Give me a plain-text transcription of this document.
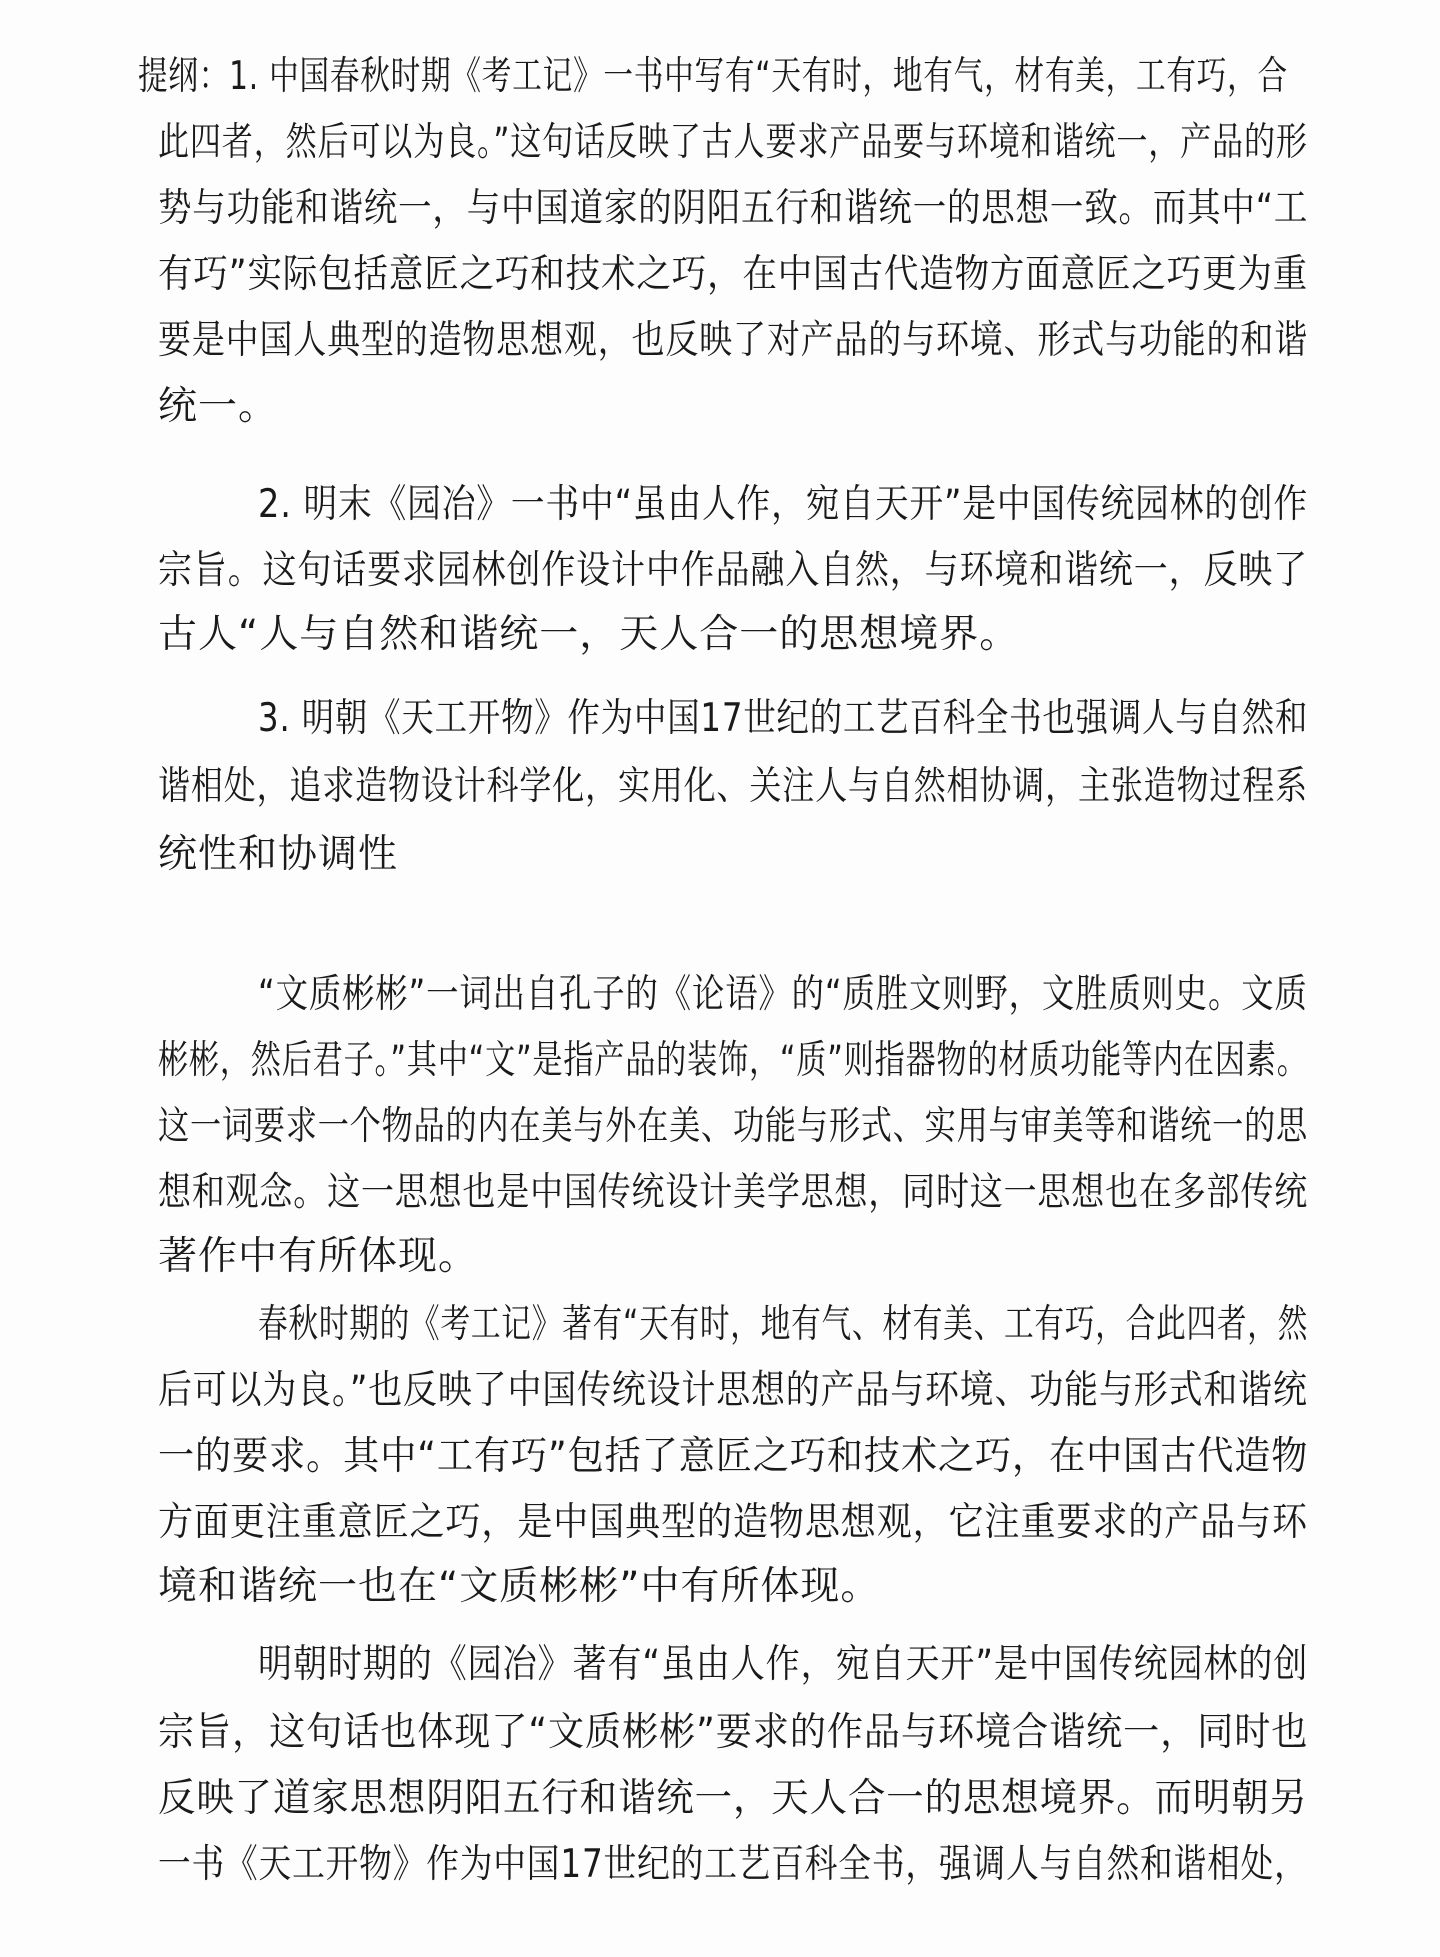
提纲：1. 中国春秋时期《考工记》一书中写有“天有时，地有气，材有美，工有巧，合
此四者，然后可以为良。”这句话反映了古人要求产品要与环境和谐统一，产品的形
势与功能和谐统一，与中国道家的阴阳五行和谐统一的思想一致。而其中“工
有巧”实际包括意匠之巧和技术之巧，在中国古代造物方面意匠之巧更为重
要是中国人典型的造物思想观，也反映了对产品的与环境、形式与功能的和谐
统一。
2. 明末《园冶》一书中“虽由人作，宛自天开”是中国传统园林的创作
宗旨。这句话要求园林创作设计中作品融入自然，与环境和谐统一，反映了
古人“人与自然和谐统一，天人合一的思想境界。
3. 明朝《天工开物》作为中国17世纪的工艺百科全书也强调人与自然和
谐相处，追求造物设计科学化，实用化、关注人与自然相协调，主张造物过程系
统性和协调性
“文质彬彬”一词出自孔子的《论语》的“质胜文则野，文胜质则史。文质
彬彬，然后君子。”其中“文”是指产品的装饰，“质”则指器物的材质功能等内在因素。
这一词要求一个物品的内在美与外在美、功能与形式、实用与审美等和谐统一的思
想和观念。这一思想也是中国传统设计美学思想，同时这一思想也在多部传统
著作中有所体现。
春秋时期的《考工记》著有“天有时，地有气、材有美、工有巧，合此四者，然
后可以为良。”也反映了中国传统设计思想的产品与环境、功能与形式和谐统
一的要求。其中“工有巧”包括了意匠之巧和技术之巧，在中国古代造物
方面更注重意匠之巧，是中国典型的造物思想观，它注重要求的产品与环
境和谐统一也在“文质彬彬”中有所体现。
明朝时期的《园冶》著有“虽由人作，宛自天开”是中国传统园林的创
宗旨，这句话也体现了“文质彬彬”要求的作品与环境合谐统一，同时也
反映了道家思想阴阳五行和谐统一，天人合一的思想境界。而明朝另
一书《天工开物》作为中国17世纪的工艺百科全书，强调人与自然和谐相处，
